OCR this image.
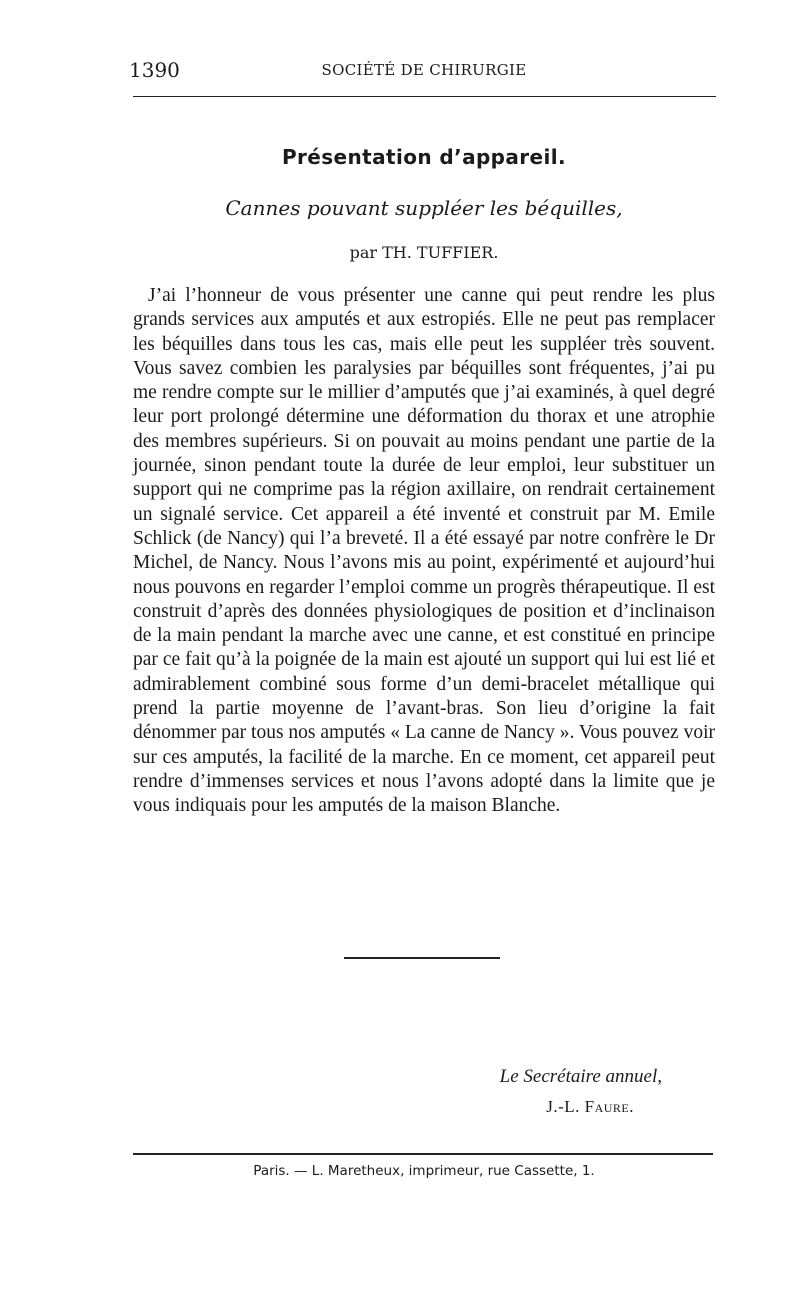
1390	SOCIÉTÉ DE CHIRURGIE
Présentation d’appareil.
Cannes pouvant suppléer les béquilles,
par TH. TUFFIER.

J’ai l’honneur de vous présenter une canne qui peut rendre les plus grands services aux amputés et aux estropiés. Elle ne peut pas remplacer les béquilles dans tous les cas, mais elle peut les suppléer très souvent. Vous savez combien les paralysies par béquilles sont fréquentes, j’ai pu me rendre compte sur le millier d’amputés que j’ai examinés, à quel degré leur port prolongé détermine une déformation du thorax et une atrophie des membres supérieurs. Si on pouvait au moins pendant une partie de la journée, sinon pendant toute la durée de leur emploi, leur substituer un support qui ne comprime pas la région axillaire, on rendrait certainement un signalé service. Cet appareil a été inventé et construit par M. Emile Schlick (de Nancy) qui l’a breveté. Il a été essayé par notre confrère le Dr Michel, de Nancy. Nous l’avons mis au point, expérimenté et aujourd’hui nous pouvons en regarder l’emploi comme un progrès thérapeutique. Il est construit d’après des données physiologiques de position et d’inclinaison de la main pendant la marche avec une canne, et est constitué en principe par ce fait qu’à la poignée de la main est ajouté un support qui lui est lié et admirablement combiné sous forme d’un demi-bracelet métallique qui prend la partie moyenne de l’avant-bras. Son lieu d’origine la fait dénommer par tous nos amputés « La canne de Nancy ». Vous pouvez voir sur ces amputés, la facilité de la marche. En ce moment, cet appareil peut rendre d’immenses services et nous l’avons adopté dans la limite que je vous indiquais pour les amputés de la maison Blanche.

Le Secrétaire annuel,
J.-L. Faure.
Paris. — L. Maretheux, imprimeur, rue Cassette, 1.
